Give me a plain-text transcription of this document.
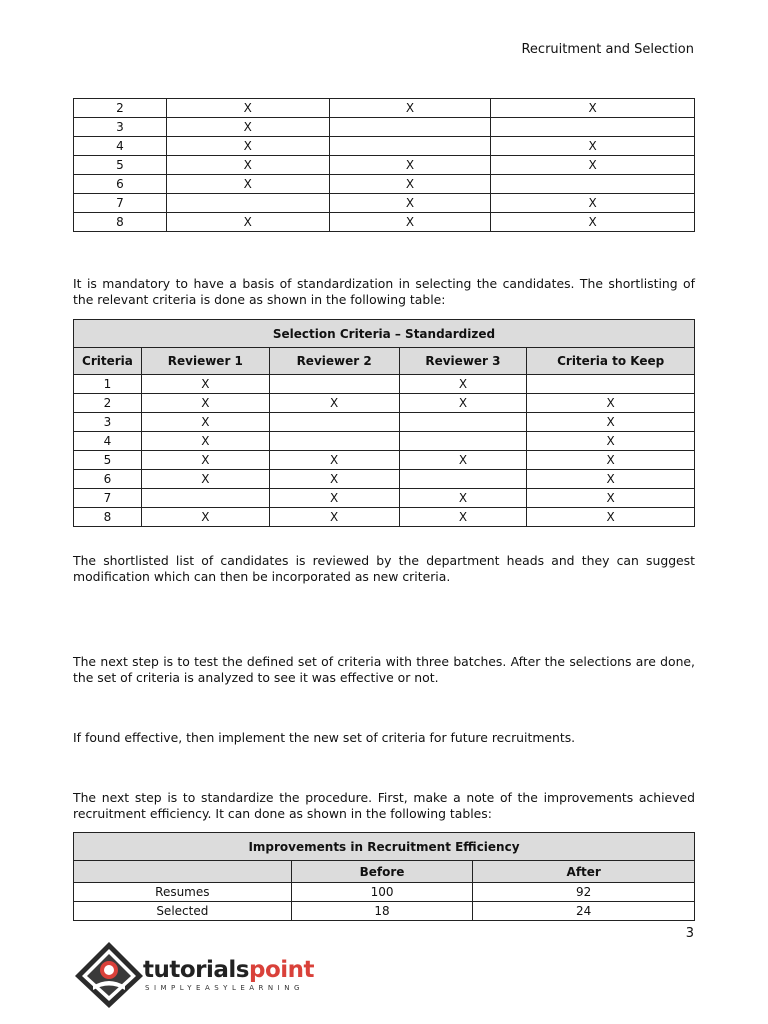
Recruitment and Selection
2	X	X	X
3	X		
4	X		X
5	X	X	X
6	X	X	
7		X	X
8	X	X	X

It is mandatory to have a basis of standardization in selecting the candidates. The shortlisting of the relevant criteria is done as shown in the following table:

Selection Criteria – Standardized				
Criteria	Reviewer 1	Reviewer 2	Reviewer 3	Criteria to Keep
1	X		X	
2	X	X	X	X
3	X			X
4	X			X
5	X	X	X	X
6	X	X		X
7		X	X	X
8	X	X	X	X

The shortlisted list of candidates is reviewed by the department heads and they can suggest modification which can then be incorporated as new criteria.

The next step is to test the defined set of criteria with three batches. After the selections are done, the set of criteria is analyzed to see it was effective or not.

If found effective, then implement the new set of criteria for future recruitments.

The next step is to standardize the procedure. First, make a note of the improvements achieved recruitment efficiency. It can done as shown in the following tables:

Improvements in Recruitment Efficiency		
	Before	After
Resumes	100	92
Selected	18	24
3
tutorialspoint
SIMPLYEASYLEARNING
